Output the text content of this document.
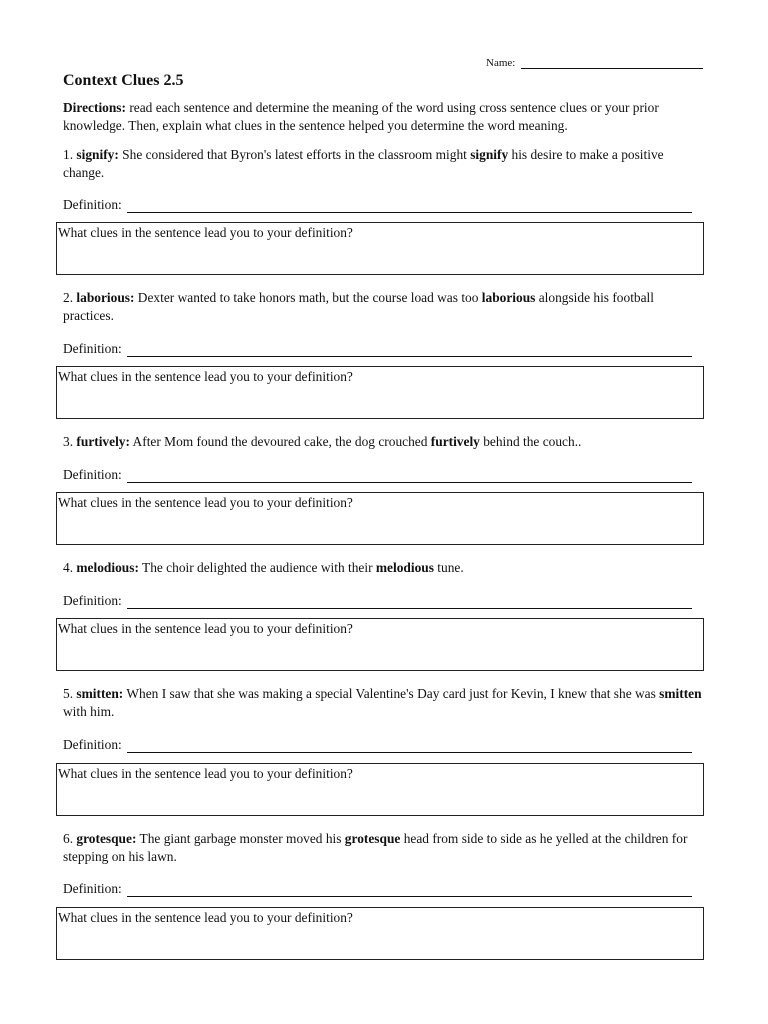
Name:
Context Clues 2.5
Directions: read each sentence and determine the meaning of the word using cross sentence clues or your prior knowledge. Then, explain what clues in the sentence helped you determine the word meaning.

1. signify: She considered that Byron's latest efforts in the classroom might signify his desire to make a positive change.

Definition:
What clues in the sentence lead you to your definition?

2. laborious: Dexter wanted to take honors math, but the course load was too laborious alongside his football practices.

Definition:
What clues in the sentence lead you to your definition?

3. furtively: After Mom found the devoured cake, the dog crouched furtively behind the couch..

Definition:
What clues in the sentence lead you to your definition?

4. melodious: The choir delighted the audience with their melodious tune.

Definition:
What clues in the sentence lead you to your definition?

5. smitten: When I saw that she was making a special Valentine's Day card just for Kevin, I knew that she was smitten with him.

Definition:
What clues in the sentence lead you to your definition?

6. grotesque: The giant garbage monster moved his grotesque head from side to side as he yelled at the children for stepping on his lawn.

Definition:
What clues in the sentence lead you to your definition?
